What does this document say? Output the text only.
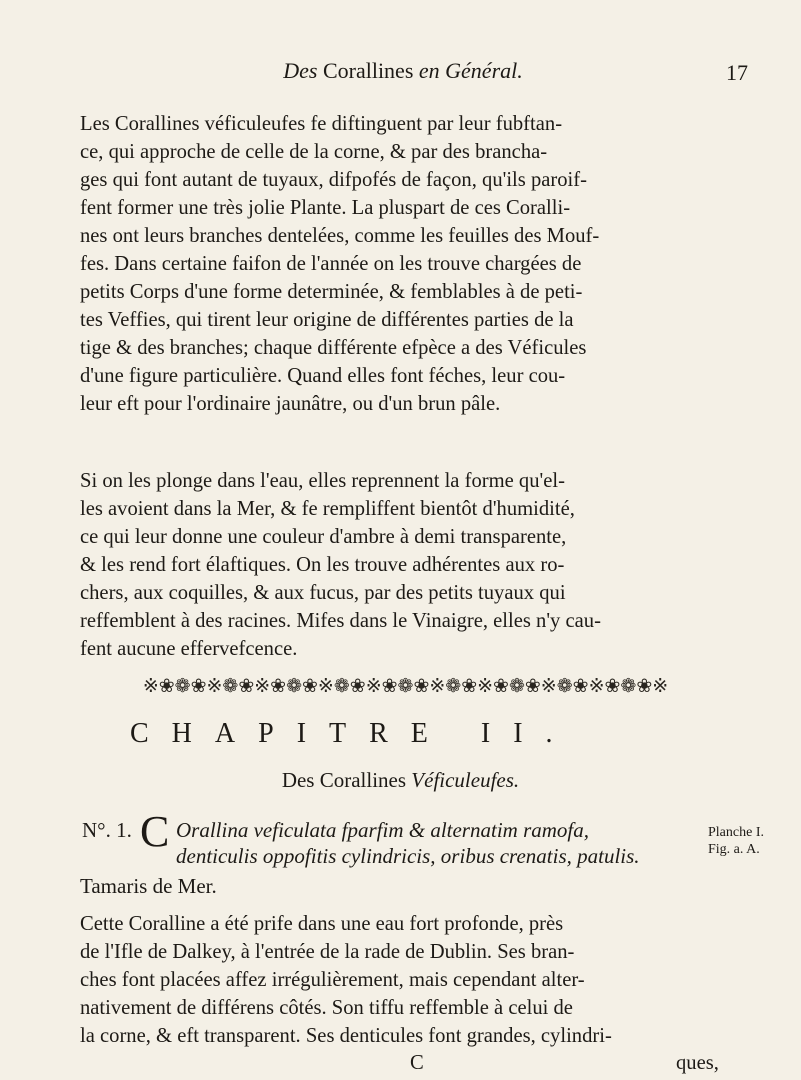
Des Corallines en Général.	17

Les Corallines véficuleufes fe diftinguent par leur fubftan-
ce, qui approche de celle de la corne, & par des brancha-
ges qui font autant de tuyaux, difpofés de façon, qu'ils paroif-
fent former une très jolie Plante. La pluspart de ces Coralli-
nes ont leurs branches dentelées, comme les feuilles des Mouf-
fes. Dans certaine faifon de l'année on les trouve chargées de
petits Corps d'une forme determinée, & femblables à de peti-
tes Veffies, qui tirent leur origine de différentes parties de la
tige & des branches; chaque différente efpèce a des Véficules
d'une figure particulière. Quand elles font féches, leur cou-
leur eft pour l'ordinaire jaunâtre, ou d'un brun pâle.

Si on les plonge dans l'eau, elles reprennent la forme qu'el-
les avoient dans la Mer, & fe rempliffent bientôt d'humidité,
ce qui leur donne une couleur d'ambre à demi transparente,
& les rend fort élaftiques. On les trouve adhérentes aux ro-
chers, aux coquilles, & aux fucus, par des petits tuyaux qui
reffemblent à des racines. Mifes dans le Vinaigre, elles n'y cau-
fent aucune effervefcence.

※❀❁❀※❁❀※❀❁❀※❁❀※❀❁❀※❁❀※❀❁❀※❁❀※❀❁❀※
CHAPITRE II.
Des Corallines Véficuleufes.
N°. 1. C Orallina veficulata fparfim & alternatim ramofa,
denticulis oppofitis cylindricis, oribus crenatis, patulis.
Tamaris de Mer.
Planche I.
Fig. a. A.

Cette Coralline a été prife dans une eau fort profonde, près
de l'Ifle de Dalkey, à l'entrée de la rade de Dublin. Ses bran-
ches font placées affez irrégulièrement, mais cependant alter-
nativement de différens côtés. Son tiffu reffemble à celui de
la corne, & eft transparent. Ses denticules font grandes, cylindri-

C	ques,
